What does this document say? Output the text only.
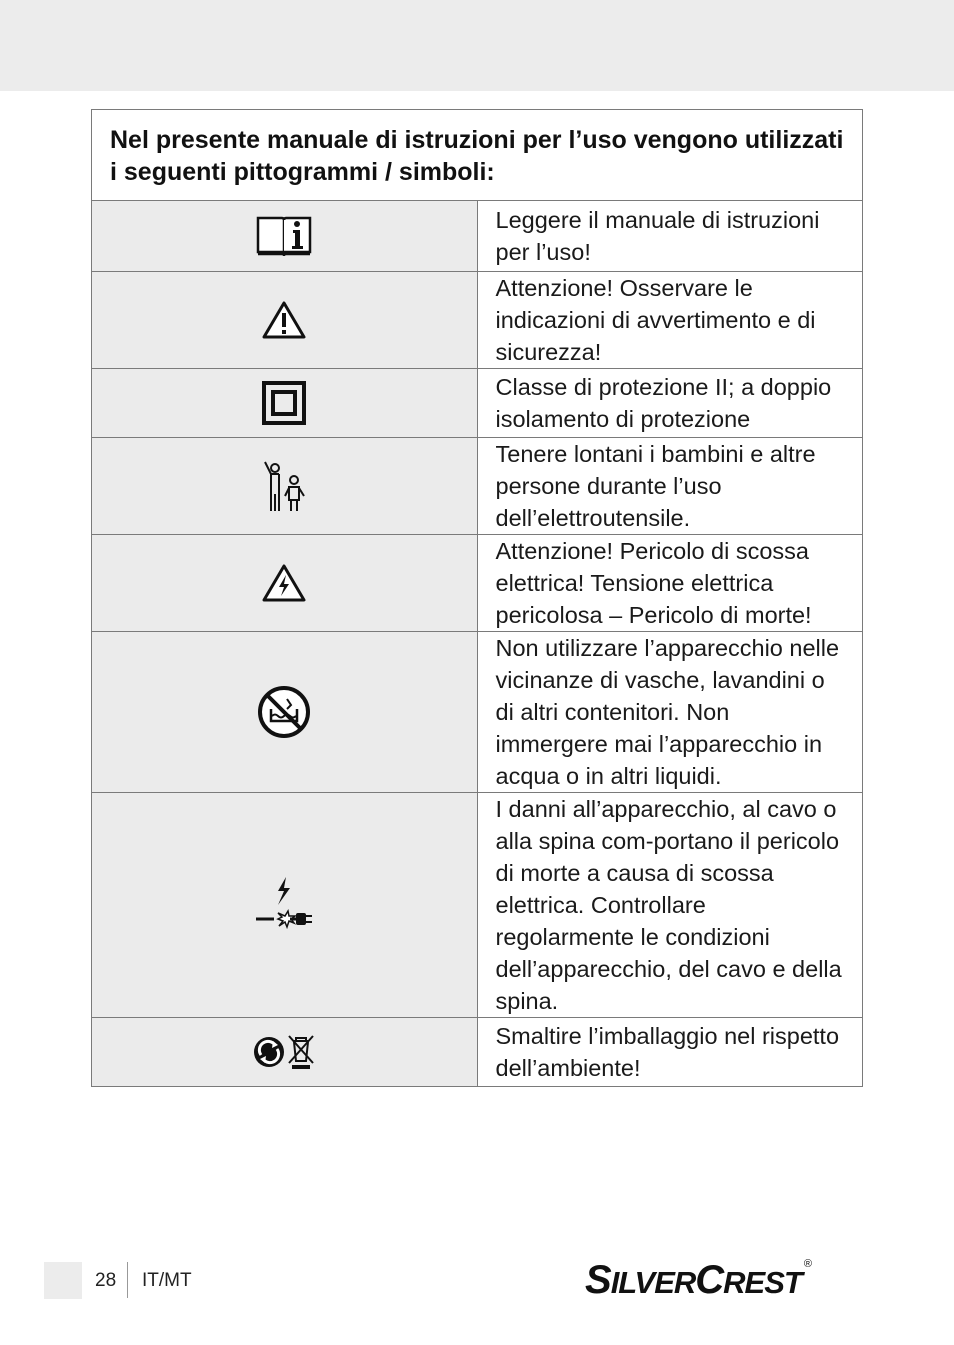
Nel presente manuale di istruzioni per l’uso vengono utilizzati i seguenti pittogrammi / simboli:	

	Leggere il manuale di istruzioni per l’uso!

	Attenzione! Osservare le indicazioni di avvertimento e di sicurezza!

	Classe di protezione II; a doppio isolamento di protezione

	Tenere lontani i bambini e altre persone durante l’uso dell’elettroutensile.

	Attenzione! Pericolo di scossa elettrica! Tensione elettrica pericolosa – Pericolo di morte!

	Non utilizzare l’apparecchio nelle vicinanze di vasche, lavandini o di altri contenitori. Non immergere mai l’apparecchio in acqua o in altri liquidi.

	I danni all’apparecchio, al cavo o alla spina com-portano il pericolo di morte a causa di scossa elettrica. Controllare regolarmente le condizioni dell’apparecchio, del cavo e della spina.

	Smaltire l’imballaggio nel rispetto dell’ambiente!
28 IT/MT	SILVERCREST®
